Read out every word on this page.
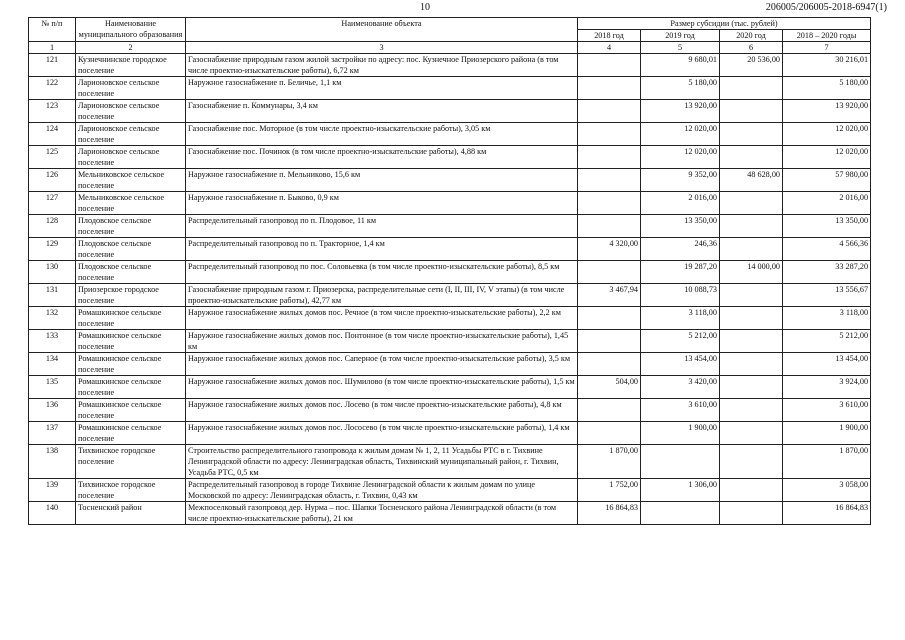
10	206005/206005-2018-6947(1)
№ п/п	Наименование муниципального образования	Наименование объекта	Размер субсидии (тыс. рублей)			
			2018 год	2019 год	2020 год	2018 – 2020 годы
1	2	3	4	5	6	7
121	Кузнечнинское городское поселение	Газоснабжение природным газом жилой застройки по адресу: пос. Кузнечное Приозерского района (в том числе проектно-изыскательские работы), 6,72 км		9 680,01	20 536,00	30 216,01
122	Ларионовское сельское поселение	Наружное газоснабжение п. Беличье, 1,1 км		5 180,00		5 180,00
123	Ларионовское сельское поселение	Газоснабжение п. Коммунары, 3,4 км		13 920,00		13 920,00
124	Ларионовское сельское поселение	Газоснабжение пос. Моторное (в том числе проектно-изыскательские работы), 3,05 км		12 020,00		12 020,00
125	Ларионовское сельское поселение	Газоснабжение пос. Починок (в том числе проектно-изыскательские работы), 4,88 км		12 020,00		12 020,00
126	Мельниковское сельское поселение	Наружное газоснабжение п. Мельниково, 15,6 км		9 352,00	48 628,00	57 980,00
127	Мельниковское сельское поселение	Наружное газоснабжение п. Быково, 0,9 км		2 016,00		2 016,00
128	Плодовское сельское поселение	Распределительный газопровод по п. Плодовое, 11 км		13 350,00		13 350,00
129	Плодовское сельское поселение	Распределительный газопровод по п. Тракторное, 1,4 км	4 320,00	246,36		4 566,36
130	Плодовское сельское поселение	Распределительный газопровод по пос. Соловьевка (в том числе проектно-изыскательские работы), 8,5 км		19 287,20	14 000,00	33 287,20
131	Приозерское городское поселение	Газоснабжение природным газом г. Приозерска, распределительные сети (I, II, III, IV, V этапы) (в том числе проектно-изыскательские работы), 42,77 км	3 467,94	10 088,73		13 556,67
132	Ромашкинское сельское поселение	Наружное газоснабжение жилых домов пос. Речное (в том числе проектно-изыскательские работы), 2,2 км		3 118,00		3 118,00
133	Ромашкинское сельское поселение	Наружное газоснабжение жилых домов пос. Понтонное (в том числе проектно-изыскательские работы), 1,45 км		5 212,00		5 212,00
134	Ромашкинское сельское поселение	Наружное газоснабжение жилых домов пос. Саперное (в том числе проектно-изыскательские работы), 3,5 км		13 454,00		13 454,00
135	Ромашкинское сельское поселение	Наружное газоснабжение жилых домов пос. Шумилово (в том числе проектно-изыскательские работы), 1,5 км	504,00	3 420,00		3 924,00
136	Ромашкинское сельское поселение	Наружное газоснабжение жилых домов пос. Лосево (в том числе проектно-изыскательские работы), 4,8 км		3 610,00		3 610,00
137	Ромашкинское сельское поселение	Наружное газоснабжение жилых домов пос. Лососево (в том числе проектно-изыскательские работы), 1,4 км		1 900,00		1 900,00
138	Тихвинское городское поселение	Строительство распределительного газопровода к жилым домам № 1, 2, 11 Усадьбы РТС в г. Тихвине Ленинградской области по адресу: Ленинградская область, Тихвинский муниципальный район, г. Тихвин, Усадьба РТС, 0,5 км	1 870,00			1 870,00
139	Тихвинское городское поселение	Распределительный газопровод в городе Тихвине Ленинградской области к жилым домам по улице Московской по адресу: Ленинградская область, г. Тихвин, 0,43 км	1 752,00	1 306,00		3 058,00
140	Тосненский район	Межпоселковый газопровод дер. Нурма – пос. Шапки Тосненского района Ленинградской области (в том числе проектно-изыскательские работы), 21 км	16 864,83			16 864,83
